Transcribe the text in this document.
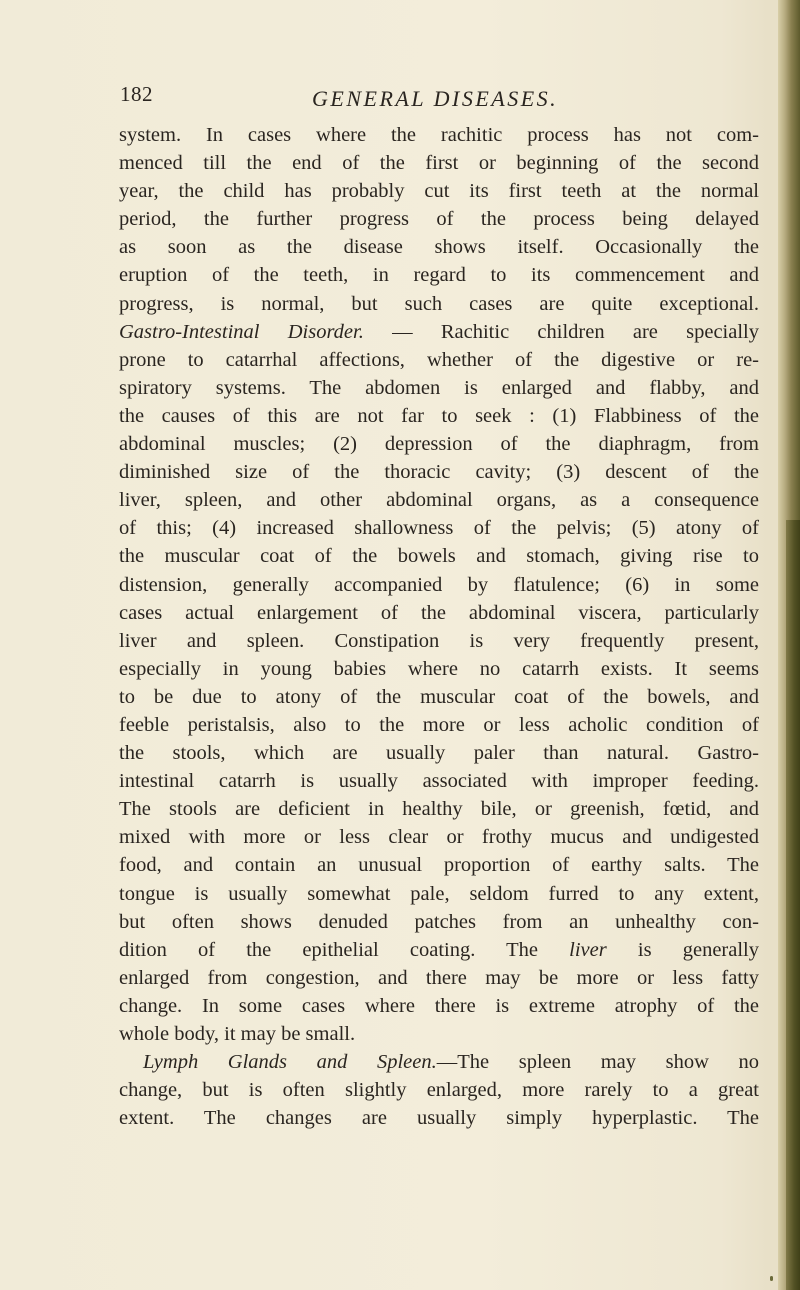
182	GENERAL DISEASES.
system. In cases where the rachitic process has not com-
menced till the end of the first or beginning of the second
year, the child has probably cut its first teeth at the normal
period, the further progress of the process being delayed
as soon as the disease shows itself. Occasionally the
eruption of the teeth, in regard to its commencement and
progress, is normal, but such cases are quite exceptional.
Gastro-Intestinal Disorder. — Rachitic children are specially
prone to catarrhal affections, whether of the digestive or re-
spiratory systems. The abdomen is enlarged and flabby, and
the causes of this are not far to seek : (1) Flabbiness of the
abdominal muscles; (2) depression of the diaphragm, from
diminished size of the thoracic cavity; (3) descent of the
liver, spleen, and other abdominal organs, as a consequence
of this; (4) increased shallowness of the pelvis; (5) atony of
the muscular coat of the bowels and stomach, giving rise to
distension, generally accompanied by flatulence; (6) in some
cases actual enlargement of the abdominal viscera, particularly
liver and spleen. Constipation is very frequently present,
especially in young babies where no catarrh exists. It seems
to be due to atony of the muscular coat of the bowels, and
feeble peristalsis, also to the more or less acholic condition of
the stools, which are usually paler than natural. Gastro-
intestinal catarrh is usually associated with improper feeding.
The stools are deficient in healthy bile, or greenish, fœtid, and
mixed with more or less clear or frothy mucus and undigested
food, and contain an unusual proportion of earthy salts. The
tongue is usually somewhat pale, seldom furred to any extent,
but often shows denuded patches from an unhealthy con-
dition of the epithelial coating. The liver is generally
enlarged from congestion, and there may be more or less fatty
change. In some cases where there is extreme atrophy of the
whole body, it may be small.
Lymph Glands and Spleen.—The spleen may show no
change, but is often slightly enlarged, more rarely to a great
extent. The changes are usually simply hyperplastic. The
